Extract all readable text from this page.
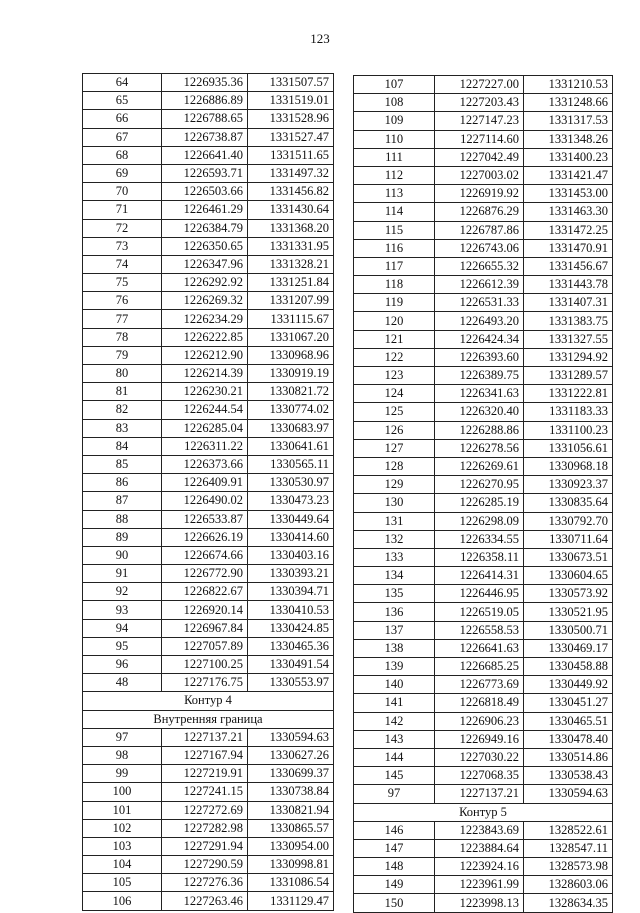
123
64	1226935.36	1331507.57
65	1226886.89	1331519.01
66	1226788.65	1331528.96
67	1226738.87	1331527.47
68	1226641.40	1331511.65
69	1226593.71	1331497.32
70	1226503.66	1331456.82
71	1226461.29	1331430.64
72	1226384.79	1331368.20
73	1226350.65	1331331.95
74	1226347.96	1331328.21
75	1226292.92	1331251.84
76	1226269.32	1331207.99
77	1226234.29	1331115.67
78	1226222.85	1331067.20
79	1226212.90	1330968.96
80	1226214.39	1330919.19
81	1226230.21	1330821.72
82	1226244.54	1330774.02
83	1226285.04	1330683.97
84	1226311.22	1330641.61
85	1226373.66	1330565.11
86	1226409.91	1330530.97
87	1226490.02	1330473.23
88	1226533.87	1330449.64
89	1226626.19	1330414.60
90	1226674.66	1330403.16
91	1226772.90	1330393.21
92	1226822.67	1330394.71
93	1226920.14	1330410.53
94	1226967.84	1330424.85
95	1227057.89	1330465.36
96	1227100.25	1330491.54
48	1227176.75	1330553.97
Контур 4		
Внутренняя граница		
97	1227137.21	1330594.63
98	1227167.94	1330627.26
99	1227219.91	1330699.37
100	1227241.15	1330738.84
101	1227272.69	1330821.94
102	1227282.98	1330865.57
103	1227291.94	1330954.00
104	1227290.59	1330998.81
105	1227276.36	1331086.54
106	1227263.46	1331129.47
107	1227227.00	1331210.53
108	1227203.43	1331248.66
109	1227147.23	1331317.53
110	1227114.60	1331348.26
111	1227042.49	1331400.23
112	1227003.02	1331421.47
113	1226919.92	1331453.00
114	1226876.29	1331463.30
115	1226787.86	1331472.25
116	1226743.06	1331470.91
117	1226655.32	1331456.67
118	1226612.39	1331443.78
119	1226531.33	1331407.31
120	1226493.20	1331383.75
121	1226424.34	1331327.55
122	1226393.60	1331294.92
123	1226389.75	1331289.57
124	1226341.63	1331222.81
125	1226320.40	1331183.33
126	1226288.86	1331100.23
127	1226278.56	1331056.61
128	1226269.61	1330968.18
129	1226270.95	1330923.37
130	1226285.19	1330835.64
131	1226298.09	1330792.70
132	1226334.55	1330711.64
133	1226358.11	1330673.51
134	1226414.31	1330604.65
135	1226446.95	1330573.92
136	1226519.05	1330521.95
137	1226558.53	1330500.71
138	1226641.63	1330469.17
139	1226685.25	1330458.88
140	1226773.69	1330449.92
141	1226818.49	1330451.27
142	1226906.23	1330465.51
143	1226949.16	1330478.40
144	1227030.22	1330514.86
145	1227068.35	1330538.43
97	1227137.21	1330594.63
Контур 5		
146	1223843.69	1328522.61
147	1223884.64	1328547.11
148	1223924.16	1328573.98
149	1223961.99	1328603.06
150	1223998.13	1328634.35
